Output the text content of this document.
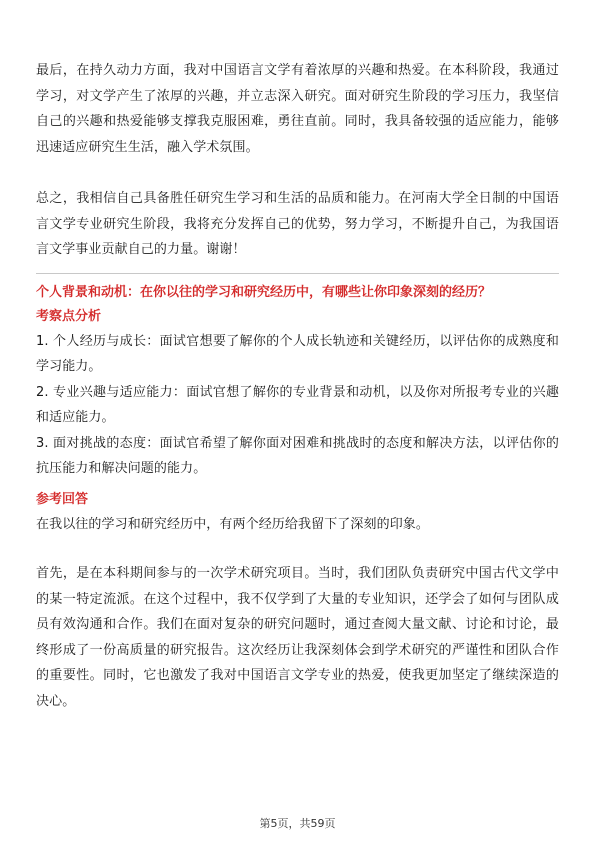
最后，在持久动力方面，我对中国语言文学有着浓厚的兴趣和热爱。在本科阶段，我通过学习，对文学产生了浓厚的兴趣，并立志深入研究。面对研究生阶段的学习压力，我坚信自己的兴趣和热爱能够支撑我克服困难，勇往直前。同时，我具备较强的适应能力，能够迅速适应研究生生活，融入学术氛围。

总之，我相信自己具备胜任研究生学习和生活的品质和能力。在河南大学全日制的中国语言文学专业研究生阶段，我将充分发挥自己的优势，努力学习，不断提升自己，为我国语言文学事业贡献自己的力量。谢谢！

个人背景和动机：在你以往的学习和研究经历中，有哪些让你印象深刻的经历？
考察点分析

1. 个人经历与成长：面试官想要了解你的个人成长轨迹和关键经历，以评估你的成熟度和学习能力。

2. 专业兴趣与适应能力：面试官想了解你的专业背景和动机，以及你对所报考专业的兴趣和适应能力。

3. 面对挑战的态度：面试官希望了解你面对困难和挑战时的态度和解决方法，以评估你的抗压能力和解决问题的能力。

参考回答

在我以往的学习和研究经历中，有两个经历给我留下了深刻的印象。

首先，是在本科期间参与的一次学术研究项目。当时，我们团队负责研究中国古代文学中的某一特定流派。在这个过程中，我不仅学到了大量的专业知识，还学会了如何与团队成员有效沟通和合作。我们在面对复杂的研究问题时，通过查阅大量文献、讨论和讨论，最终形成了一份高质量的研究报告。这次经历让我深刻体会到学术研究的严谨性和团队合作的重要性。同时，它也激发了我对中国语言文学专业的热爱，使我更加坚定了继续深造的决心。

第5页，共59页
